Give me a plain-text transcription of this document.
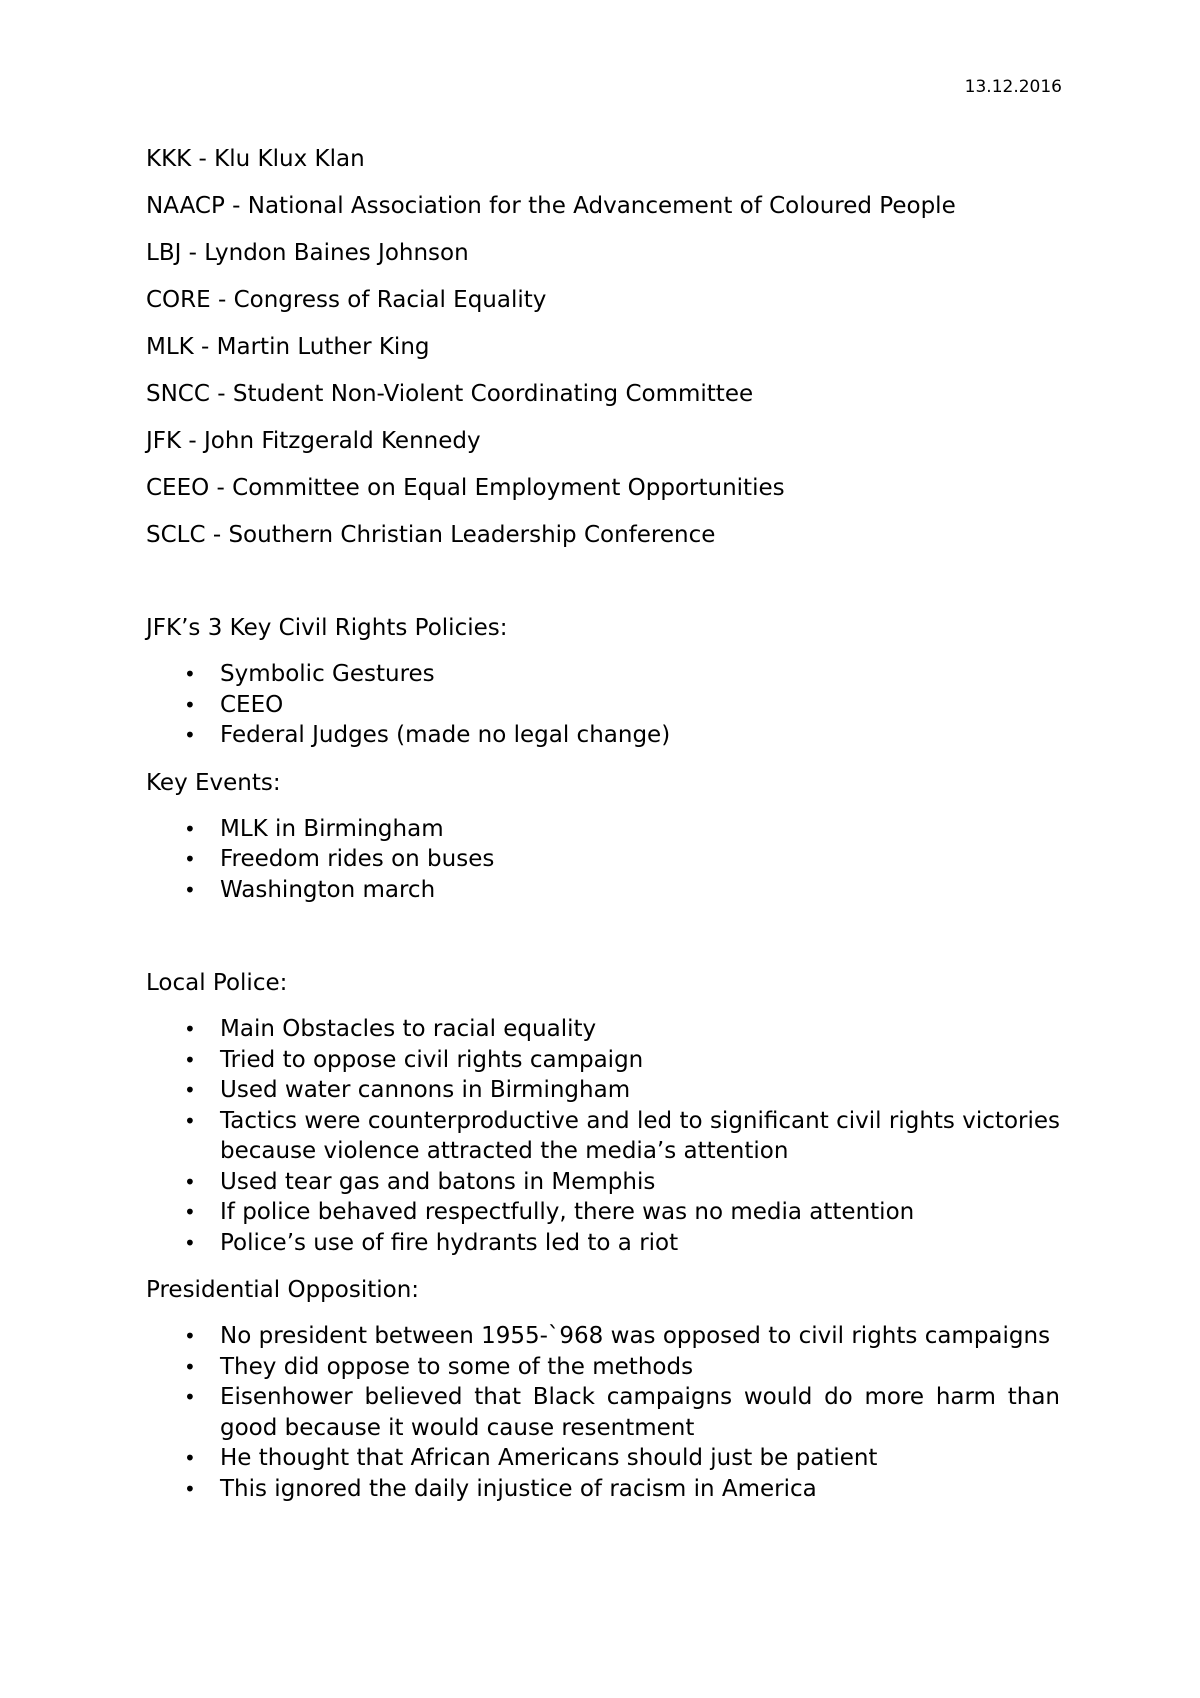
13.12.2016
KKK - Klu Klux Klan
NAACP - National Association for the Advancement of Coloured People
LBJ - Lyndon Baines Johnson
CORE - Congress of Racial Equality
MLK - Martin Luther King
SNCC - Student Non-Violent Coordinating Committee
JFK - John Fitzgerald Kennedy
CEEO - Committee on Equal Employment Opportunities
SCLC - Southern Christian Leadership Conference
JFK’s 3 Key Civil Rights Policies:
• Symbolic Gestures
• CEEO
• Federal Judges (made no legal change)
Key Events:
• MLK in Birmingham
• Freedom rides on buses
• Washington march
Local Police:
• Main Obstacles to racial equality
• Tried to oppose civil rights campaign
• Used water cannons in Birmingham
• Tactics were counterproductive and led to significant civil rights victories because violence attracted the media’s attention
• Used tear gas and batons in Memphis
• If police behaved respectfully, there was no media attention
• Police’s use of fire hydrants led to a riot
Presidential Opposition:
• No president between 1955-`968 was opposed to civil rights campaigns
• They did oppose to some of the methods
• Eisenhower believed that Black campaigns would do more harm than good because it would cause resentment
• He thought that African Americans should just be patient
• This ignored the daily injustice of racism in America
